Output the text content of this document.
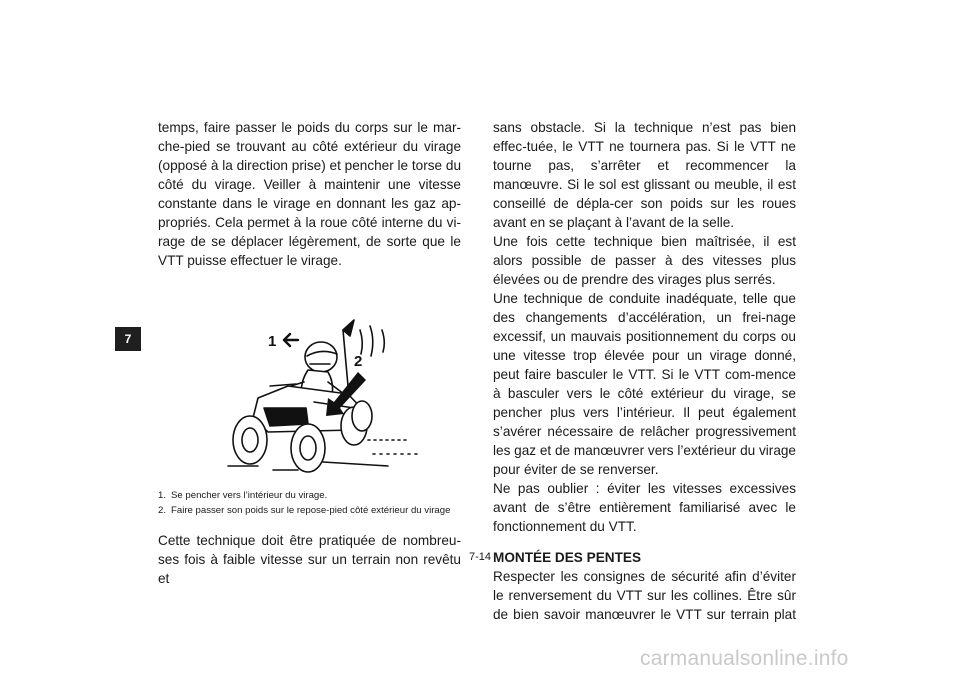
7

temps, faire passer le poids du corps sur le mar-che-pied se trouvant au côté extérieur du virage (opposé à la direction prise) et pencher le torse du côté du virage. Veiller à maintenir une vitesse constante dans le virage en donnant les gaz ap-propriés. Cela permet à la roue côté interne du vi-rage de se déplacer légèrement, de sorte que le VTT puisse effectuer le virage.

1
2
1. Se pencher vers l’intérieur du virage.
2. Faire passer son poids sur le repose-pied côté extérieur du virage

Cette technique doit être pratiquée de nombreu-ses fois à faible vitesse sur un terrain non revêtu et

sans obstacle. Si la technique n’est pas bien effec-tuée, le VTT ne tournera pas. Si le VTT ne tourne pas, s’arrêter et recommencer la manœuvre. Si le sol est glissant ou meuble, il est conseillé de dépla-cer son poids sur les roues avant en se plaçant à l’avant de la selle.

Une fois cette technique bien maîtrisée, il est alors possible de passer à des vitesses plus élevées ou de prendre des virages plus serrés.

Une technique de conduite inadéquate, telle que des changements d’accélération, un frei-nage excessif, un mauvais positionnement du corps ou une vitesse trop élevée pour un virage donné, peut faire basculer le VTT. Si le VTT com-mence à basculer vers le côté extérieur du virage, se pencher plus vers l’intérieur. Il peut également s’avérer nécessaire de relâcher progressivement les gaz et de manœuvrer vers l’extérieur du virage pour éviter de se renverser.

Ne pas oublier : éviter les vitesses excessives avant de s’être entièrement familiarisé avec le fonctionnement du VTT.

MONTÉE DES PENTES

Respecter les consignes de sécurité afin d’éviter le renversement du VTT sur les collines. Être sûr de bien savoir manœuvrer le VTT sur terrain plat

7-14
carmanualsonline.info
